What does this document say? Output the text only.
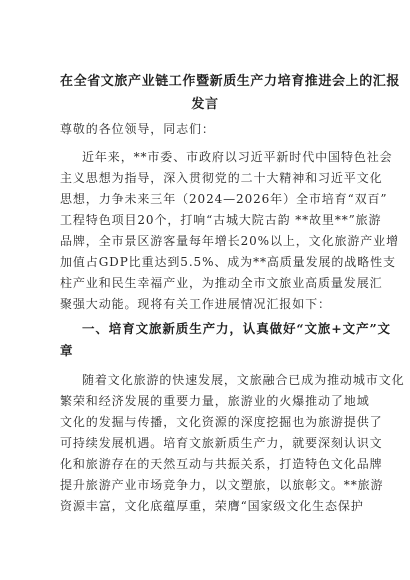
在全省文旅产业链工作暨新质生产力培育推进会上的汇报
发言
尊敬的各位领导，同志们：
近年来，**市委、市政府以习近平新时代中国特色社会
主义思想为指导，深入贯彻党的二十大精神和习近平文化
思想，力争未来三年（2024—2026年）全市培育“双百”
工程特色项目20个，打响“古城大院古韵 **故里**”旅游
品牌，全市景区游客量每年增长20%以上，文化旅游产业增
加值占GDP比重达到5.5%、成为**高质量发展的战略性支
柱产业和民生幸福产业，为推动全市文旅业高质量发展汇
聚强大动能。现将有关工作进展情况汇报如下：
一、培育文旅新质生产力，认真做好“文旅+文产”文
章
随着文化旅游的快速发展，文旅融合已成为推动城市文化
繁荣和经济发展的重要力量，旅游业的火爆推动了地域
文化的发掘与传播，文化资源的深度挖掘也为旅游提供了
可持续发展机遇。培育文旅新质生产力，就要深刻认识文
化和旅游存在的天然互动与共振关系，打造特色文化品牌
提升旅游产业市场竞争力，以文塑旅，以旅彰文。**旅游
资源丰富，文化底蕴厚重，荣膺“国家级文化生态保护
